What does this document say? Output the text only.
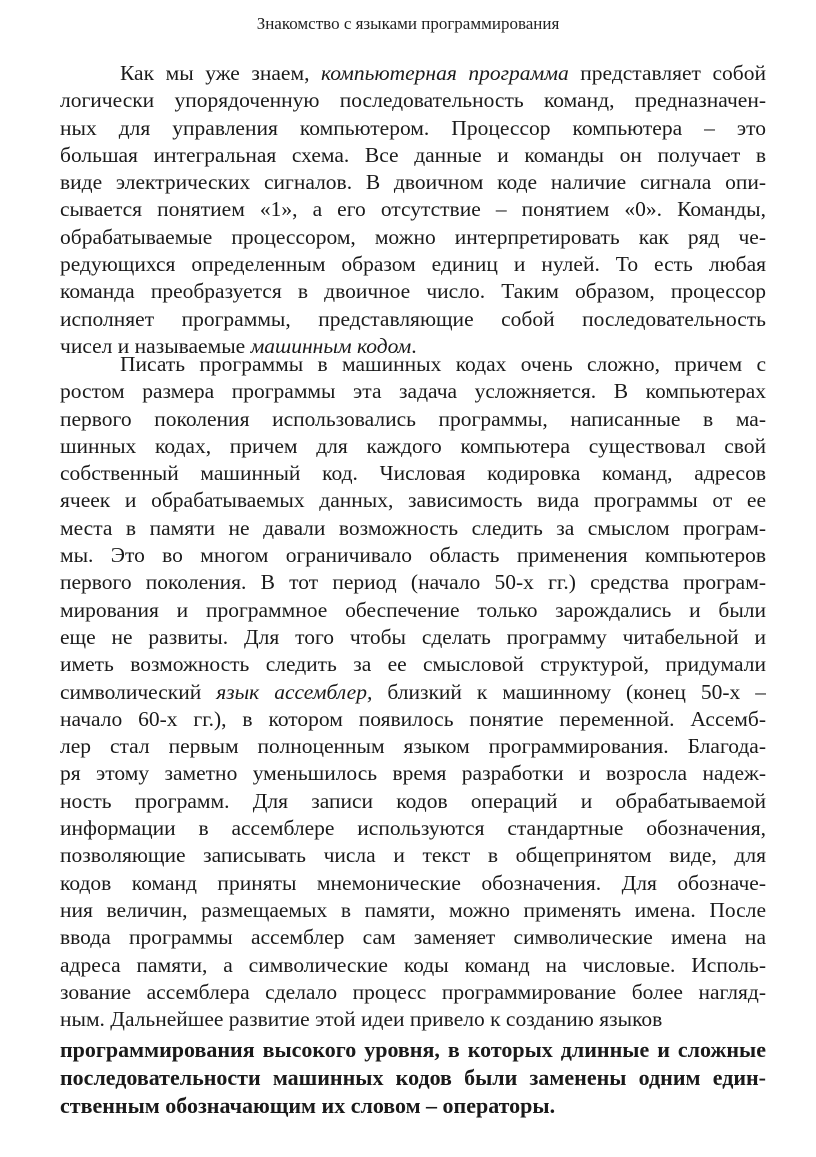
Знакомство с языками программирования
Как мы уже знаем, компьютерная программа представляет собой
логически упорядоченную последовательность команд, предназначен-
ных для управления компьютером. Процессор компьютера – это
большая интегральная схема. Все данные и команды он получает в
виде электрических сигналов. В двоичном коде наличие сигнала опи-
сывается понятием «1», а его отсутствие – понятием «0». Команды,
обрабатываемые процессором, можно интерпретировать как ряд че-
редующихся определенным образом единиц и нулей. То есть любая
команда преобразуется в двоичное число. Таким образом, процессор
исполняет программы, представляющие собой последовательность
чисел и называемые машинным кодом.
Писать программы в машинных кодах очень сложно, причем с
ростом размера программы эта задача усложняется. В компьютерах
первого поколения использовались программы, написанные в ма-
шинных кодах, причем для каждого компьютера существовал свой
собственный машинный код. Числовая кодировка команд, адресов
ячеек и обрабатываемых данных, зависимость вида программы от ее
места в памяти не давали возможность следить за смыслом програм-
мы. Это во многом ограничивало область применения компьютеров
первого поколения. В тот период (начало 50-х гг.) средства програм-
мирования и программное обеспечение только зарождались и были
еще не развиты. Для того чтобы сделать программу читабельной и
иметь возможность следить за ее смысловой структурой, придумали
символический язык ассемблер, близкий к машинному (конец 50-х –
начало 60-х гг.), в котором появилось понятие переменной. Ассемб-
лер стал первым полноценным языком программирования. Благода-
ря этому заметно уменьшилось время разработки и возросла надеж-
ность программ. Для записи кодов операций и обрабатываемой
информации в ассемблере используются стандартные обозначения,
позволяющие записывать числа и текст в общепринятом виде, для
кодов команд приняты мнемонические обозначения. Для обозначе-
ния величин, размещаемых в памяти, можно применять имена. После
ввода программы ассемблер сам заменяет символические имена на
адреса памяти, а символические коды команд на числовые. Исполь-
зование ассемблера сделало процесс программирование более нагляд-
ным. Дальнейшее развитие этой идеи привело к созданию языков
программирования высокого уровня, в которых длинные и сложные
последовательности машинных кодов были заменены одним един-
ственным обозначающим их словом – операторы.
